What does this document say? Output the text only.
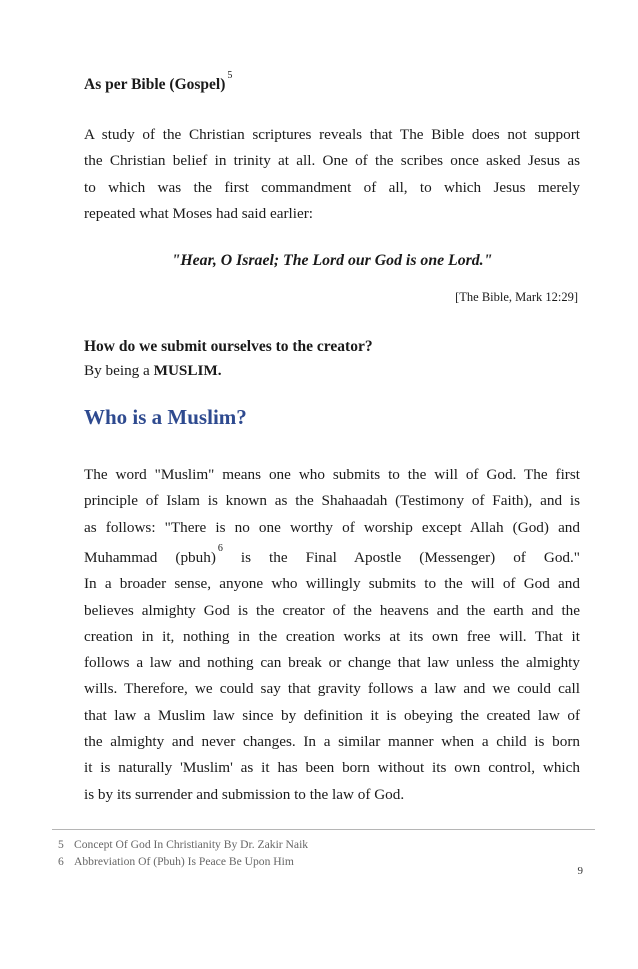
As per Bible (Gospel)$^5$
A study of the Christian scriptures reveals that The Bible does not support
the Christian belief in trinity at all. One of the scribes once asked Jesus as
to which was the first commandment of all, to which Jesus merely
repeated what Moses had said earlier:
"Hear, O Israel; The Lord our God is one Lord."
[The Bible, Mark 12:29]
How do we submit ourselves to the creator?
By being a MUSLIM.
Who is a Muslim?
The word "Muslim" means one who submits to the will of God. The first
principle of Islam is known as the Shahaadah (Testimony of Faith), and is
as follows: "There is no one worthy of worship except Allah (God) and
Muhammad (pbuh)$^6$ is the Final Apostle (Messenger) of God."
In a broader sense, anyone who willingly submits to the will of God and
believes almighty God is the creator of the heavens and the earth and the
creation in it, nothing in the creation works at its own free will. That it
follows a law and nothing can break or change that law unless the almighty
wills. Therefore, we could say that gravity follows a law and we could call
that law a Muslim law since by definition it is obeying the created law of
the almighty and never changes. In a similar manner when a child is born
it is naturally 'Muslim' as it has been born without its own control, which
is by its surrender and submission to the law of God.
5 Concept Of God In Christianity By Dr. Zakir Naik
6 Abbreviation Of (Pbuh) Is Peace Be Upon Him
9
